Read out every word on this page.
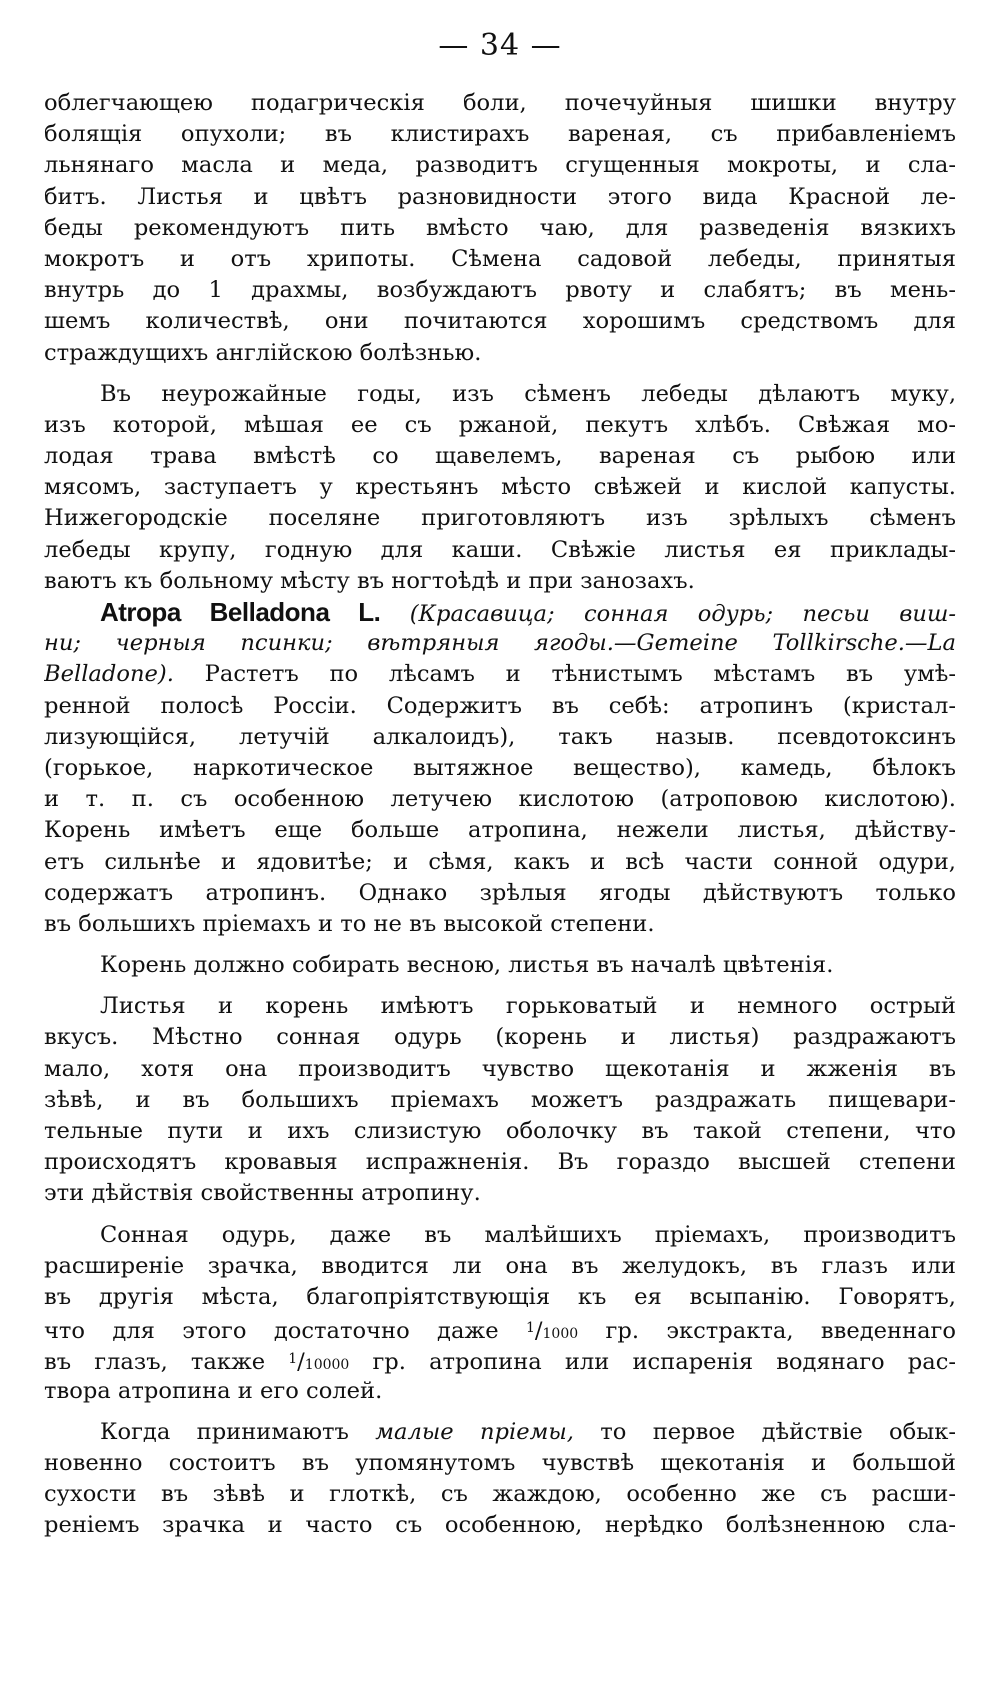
— 34 —
облегчающею подагрическія боли, почечуйныя шишки внутру
болящія опухоли; въ клистирахъ вареная, съ прибавленіемъ
льнянаго масла и меда, разводитъ сгущенныя мокроты, и сла-
битъ. Листья и цвѣтъ разновидности этого вида Красной ле-
беды рекомендуютъ пить вмѣсто чаю, для разведенія вязкихъ
мокротъ и отъ хрипоты. Сѣмена садовой лебеды, принятыя
внутрь до 1 драхмы, возбуждаютъ рвоту и слабятъ; въ мень-
шемъ количествѣ, они почитаются хорошимъ средствомъ для
страждущихъ англійскою болѣзнью.
Въ неурожайные годы, изъ сѣменъ лебеды дѣлаютъ муку,
изъ которой, мѣшая ее съ ржаной, пекутъ хлѣбъ. Свѣжая мо-
лодая трава вмѣстѣ со щавелемъ, вареная съ рыбою или
мясомъ, заступаетъ у крестьянъ мѣсто свѣжей и кислой капусты.
Нижегородскіе поселяне приготовляютъ изъ зрѣлыхъ сѣменъ
лебеды крупу, годную для каши. Свѣжіе листья ея приклады-
ваютъ къ больному мѣсту въ ногтоѣдѣ и при занозахъ.
Atropa Belladona L. (Красавица; сонная одурь; песьи виш-
ни; черныя псинки; вѣтряныя ягоды.—Gemeine Tollkirsche.—La
Belladone). Растетъ по лѣсамъ и тѣнистымъ мѣстамъ въ умѣ-
ренной полосѣ Россіи. Содержитъ въ себѣ: атропинъ (кристал-
лизующійся, летучій алкалоидъ), такъ назыв. псевдотоксинъ
(горькое, наркотическое вытяжное вещество), камедь, бѣлокъ
и т. п. съ особенною летучею кислотою (атроповою кислотою).
Корень имѣетъ еще больше атропина, нежели листья, дѣйству-
етъ сильнѣе и ядовитѣе; и сѣмя, какъ и всѣ части сонной одури,
содержатъ атропинъ. Однако зрѣлыя ягоды дѣйствуютъ только
въ большихъ пріемахъ и то не въ высокой степени.
Корень должно собирать весною, листья въ началѣ цвѣтенія.
Листья и корень имѣютъ горьковатый и немного острый
вкусъ. Мѣстно сонная одурь (корень и листья) раздражаютъ
мало, хотя она производитъ чувство щекотанія и жженія въ
зѣвѣ, и въ большихъ пріемахъ можетъ раздражать пищевари-
тельные пути и ихъ слизистую оболочку въ такой степени, что
происходятъ кровавыя испражненія. Въ гораздо высшей степени
эти дѣйствія свойственны атропину.
Сонная одурь, даже въ малѣйшихъ пріемахъ, производитъ
расширеніе зрачка, вводится ли она въ желудокъ, въ глазъ или
въ другія мѣста, благопріятствующія къ ея всыпанію. Говорятъ,
что для этого достаточно даже $^1$/1000 гр. экстракта, введеннаго
въ глазъ, также $^1$/10000 гр. атропина или испаренія водянаго рас-
твора атропина и его солей.
Когда принимаютъ малые пріемы, то первое дѣйствіе обык-
новенно состоитъ въ упомянутомъ чувствѣ щекотанія и большой
сухости въ зѣвѣ и глоткѣ, съ жаждою, особенно же съ расши-
реніемъ зрачка и часто съ особенною, нерѣдко болѣзненною сла-
